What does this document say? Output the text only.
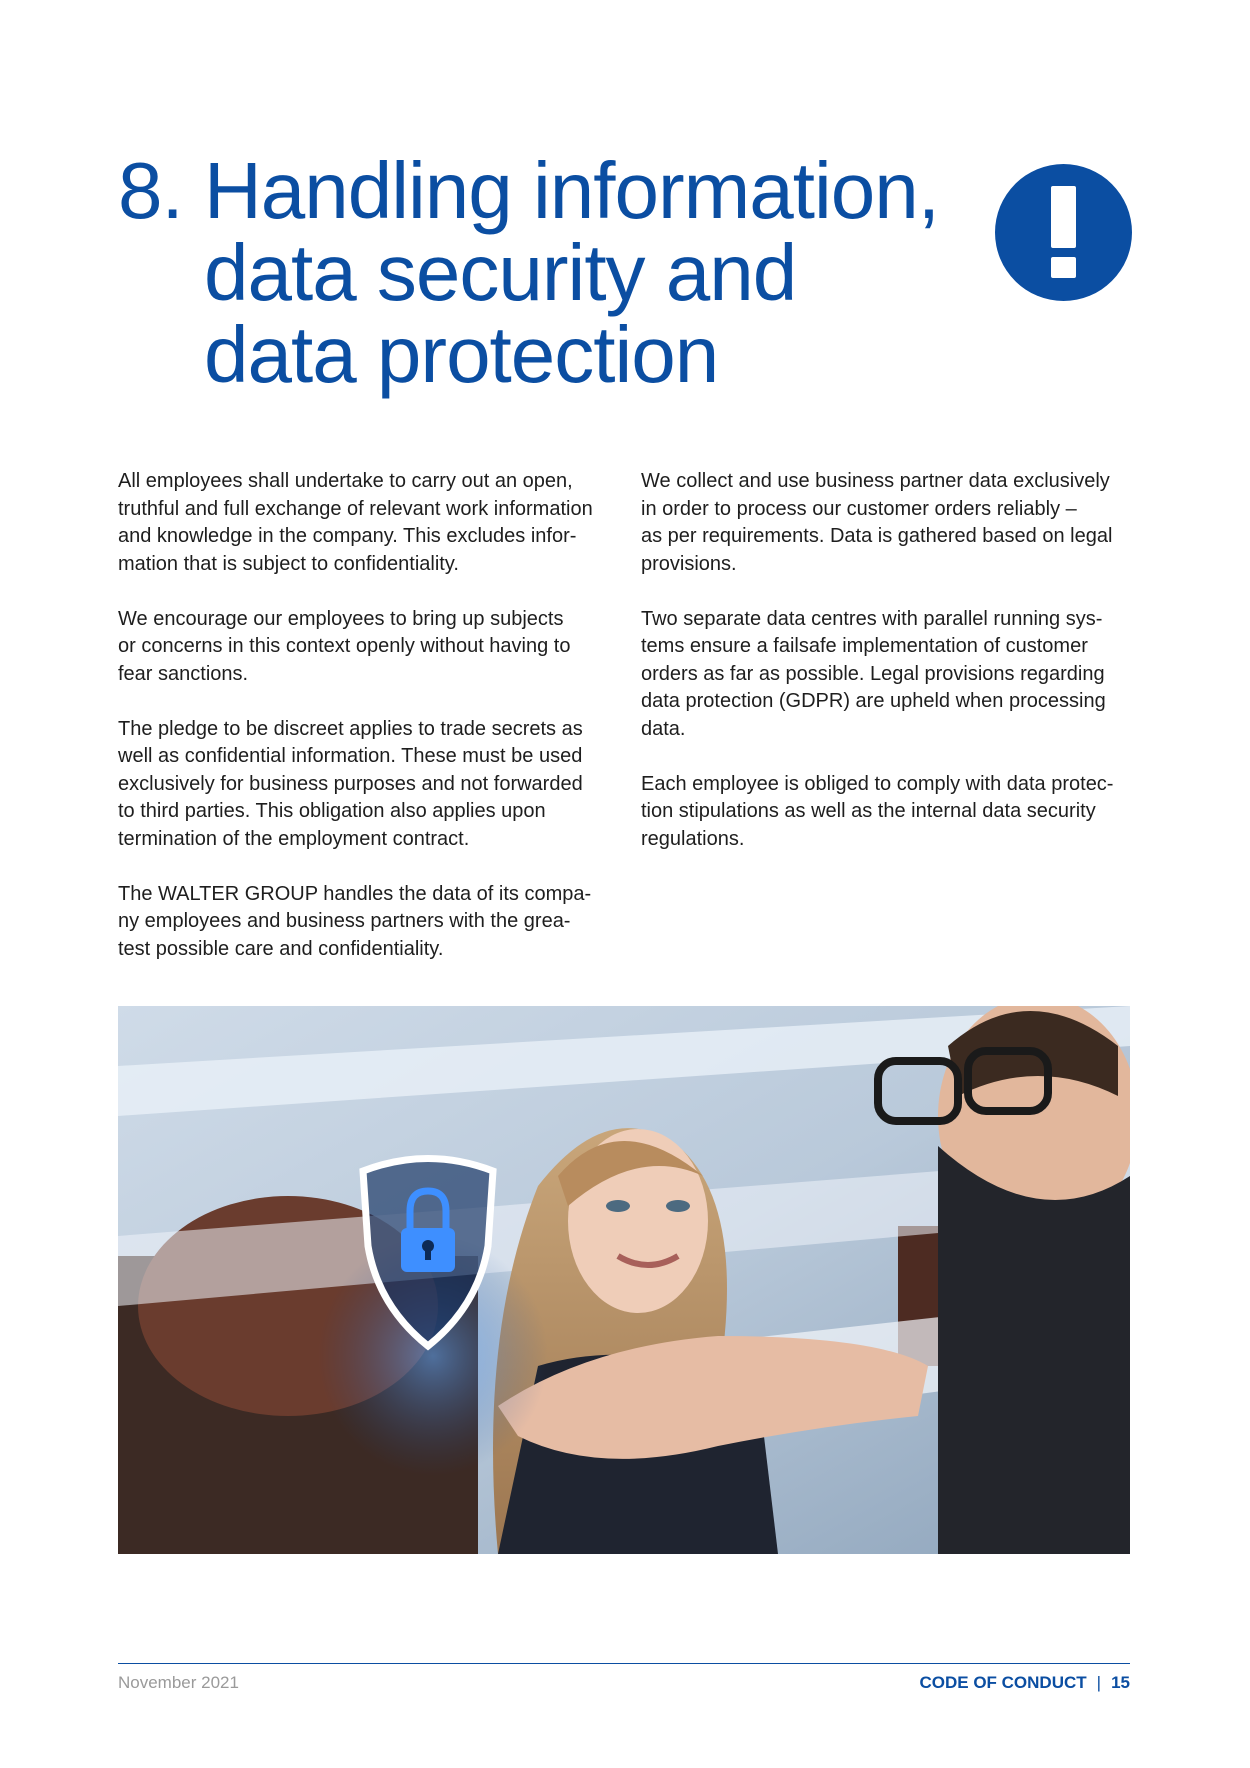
8. Handling information,
data security and
data protection

All employees shall undertake to carry out an open,
truthful and full exchange of relevant work information
and knowledge in the company. This excludes infor-
mation that is subject to confidentiality.

We encourage our employees to bring up subjects
or concerns in this context openly without having to
fear sanctions.

The pledge to be discreet applies to trade secrets as
well as confidential information. These must be used
exclusively for business purposes and not forwarded
to third parties. This obligation also applies upon
termination of the employment contract.

The WALTER GROUP handles the data of its compa-
ny employees and business partners with the grea-
test possible care and confidentiality.

We collect and use business partner data exclusively
in order to process our customer orders reliably –
as per requirements. Data is gathered based on legal
provisions.

Two separate data centres with parallel running sys-
tems ensure a failsafe implementation of customer
orders as far as possible. Legal provisions regarding
data protection (GDPR) are upheld when processing
data.

Each employee is obliged to comply with data protec-
tion stipulations as well as the internal data security
regulations.

November 2021	CODE OF CONDUCT | 15
